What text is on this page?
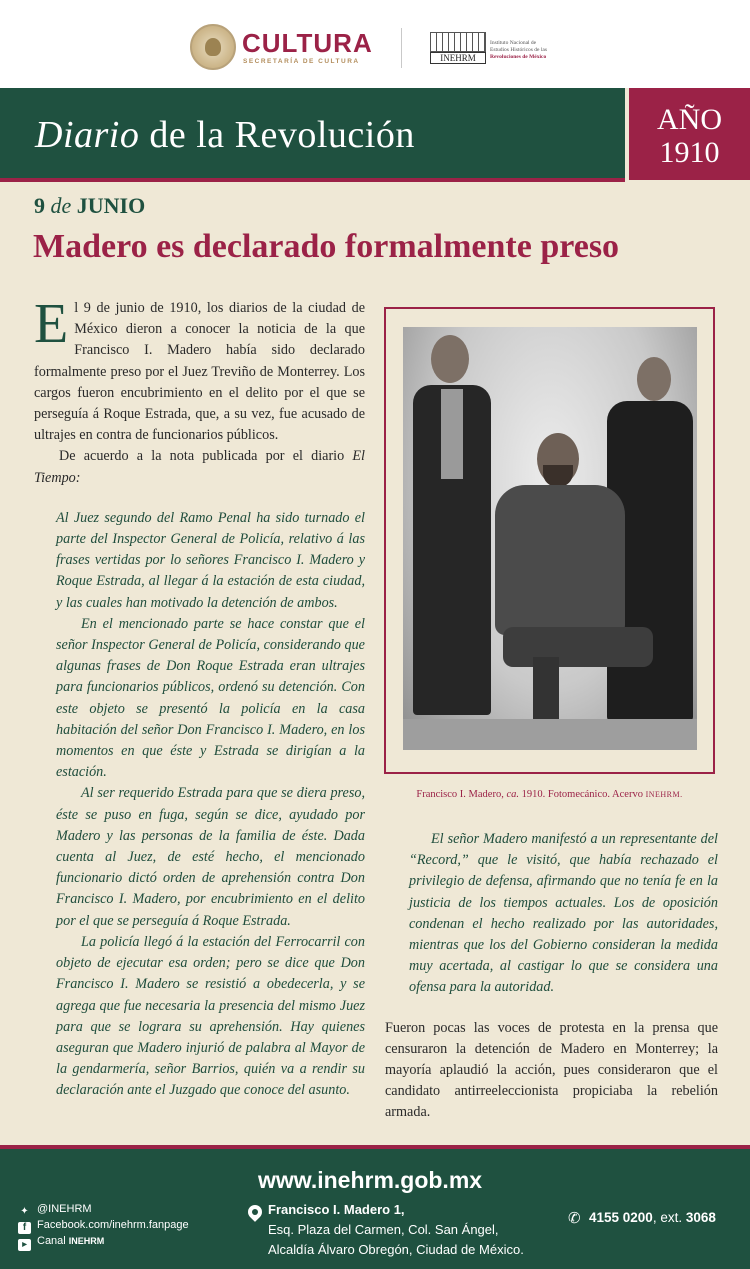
CULTURA
SECRETARÍA DE CULTURA	INEHRM
Instituto Nacional de
Estudios Históricos de las
Revoluciones de México
Diario de la Revolución	AÑO
1910
9 de JUNIO
Madero es declarado formalmente preso

El 9 de junio de 1910, los diarios de la ciudad de México dieron a conocer la noticia de la que Francisco I. Madero había sido declarado formalmente preso por el Juez Treviño de Monterrey. Los cargos fueron encubrimiento en el delito por el que se perseguía á Roque Estrada, que, a su vez, fue acusado de ultrajes en contra de funcionarios públicos.

De acuerdo a la nota publicada por el diario El Tiempo:

Al Juez segundo del Ramo Penal ha sido turnado el parte del Inspector General de Policía, relativo á las frases vertidas por lo señores Francisco I. Madero y Roque Estrada, al llegar á la estación de esta ciudad, y las cuales han motivado la detención de ambos.

En el mencionado parte se hace constar que el señor Inspector General de Policía, considerando que algunas frases de Don Roque Estrada eran ultrajes para funcionarios públicos, ordenó su detención. Con este objeto se presentó la policía en la casa habitación del señor Don Francisco I. Madero, en los momentos en que éste y Estrada se dirigían a la estación.

Al ser requerido Estrada para que se diera preso, éste se puso en fuga, según se dice, ayudado por Madero y las personas de la familia de éste. Dada cuenta al Juez, de esté hecho, el mencionado funcionario dictó orden de aprehensión contra Don Francisco I. Madero, por encubrimiento en el delito por el que se perseguía á Roque Estrada.

La policía llegó á la estación del Ferrocarril con objeto de ejecutar esa orden; pero se dice que Don Francisco I. Madero se resistió a obedecerla, y se agrega que fue necesaria la presencia del mismo Juez para que se lograra su aprehensión. Hay quienes aseguran que Madero injurió de palabra al Mayor de la gendarmería, señor Barrios, quién va a rendir su declaración ante el Juzgado que conoce del asunto.

Francisco I. Madero, ca. 1910. Fotomecánico. Acervo INEHRM.

El señor Madero manifestó a un representante del “Record,” que le visitó, que había rechazado el privilegio de defensa, afirmando que no tenía fe en la justicia de los tiempos actuales. Los de oposición condenan el hecho realizado por las autoridades, mientras que los del Gobierno consideran la medida muy acertada, al castigar lo que se considera una ofensa para la autoridad.

Fueron pocas las voces de protesta en la prensa que censuraron la detención de Madero en Monterrey; la mayoría aplaudió la acción, pues consideraron que el candidato antirreeleccionista propiciaba la rebelión armada.

www.inehrm.gob.mx
✦ @INEHRM
f Facebook.com/inehrm.fanpage
▶ Canal INEHRM
Francisco I. Madero 1,
Esq. Plaza del Carmen, Col. San Ángel,
Alcaldía Álvaro Obregón, Ciudad de México.
✆ 4155 0200, ext. 3068
